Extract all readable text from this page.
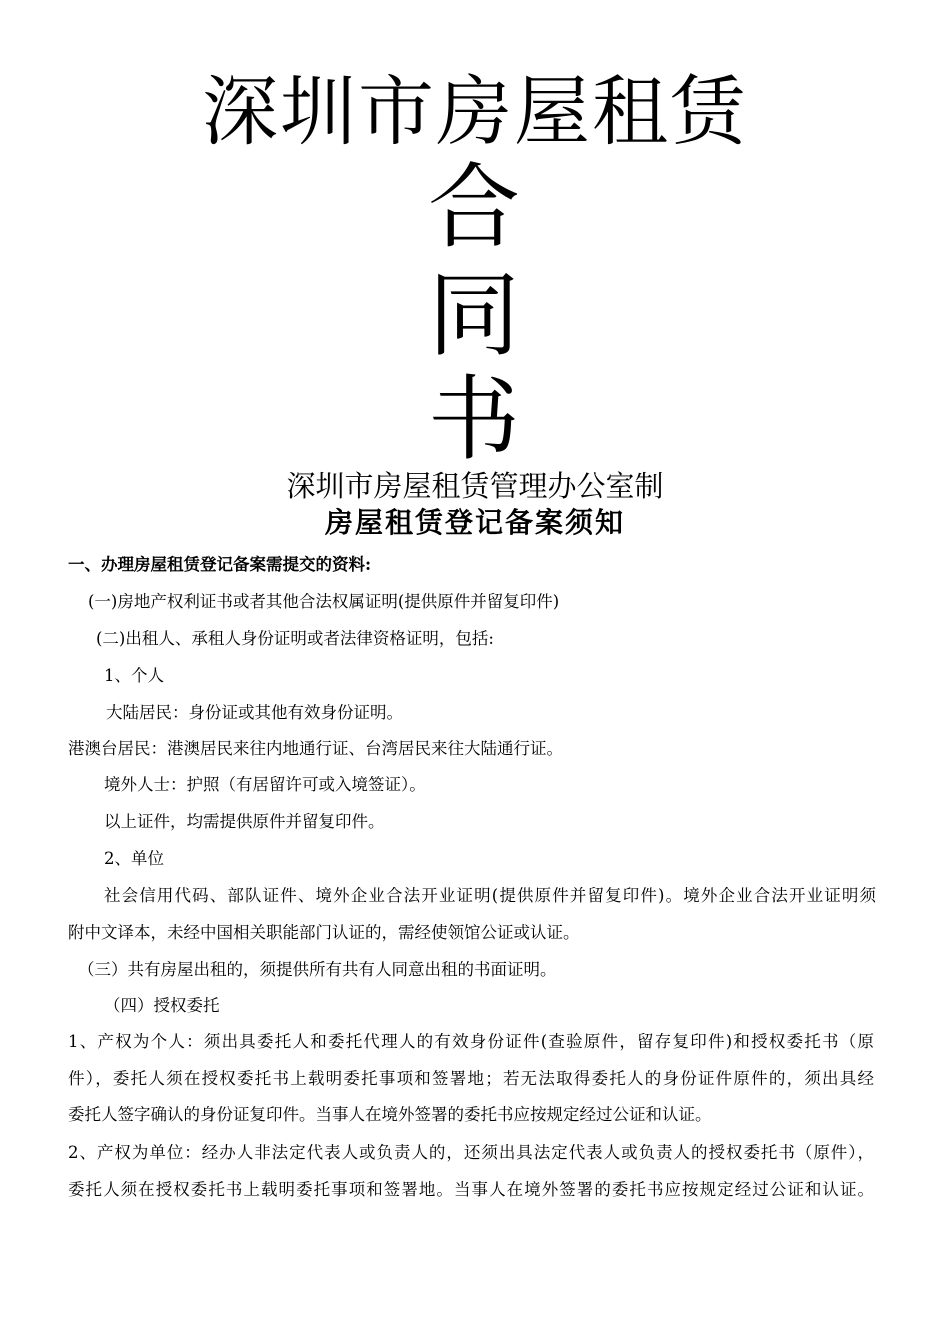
深圳市房屋租赁
合
同
书
深圳市房屋租赁管理办公室制
房屋租赁登记备案须知
一、办理房屋租赁登记备案需提交的资料:
(一)房地产权利证书或者其他合法权属证明(提供原件并留复印件)
(二)出租人、承租人身份证明或者法律资格证明，包括:
1、个人
大陆居民：身份证或其他有效身份证明。
港澳台居民：港澳居民来往内地通行证、台湾居民来往大陆通行证。
境外人士：护照（有居留许可或入境签证）。
以上证件，均需提供原件并留复印件。
2、单位
社会信用代码、部队证件、境外企业合法开业证明(提供原件并留复印件)。境外企业合法开业证明须
附中文译本，未经中国相关职能部门认证的，需经使领馆公证或认证。
（三）共有房屋出租的，须提供所有共有人同意出租的书面证明。
（四）授权委托
1、产权为个人：须出具委托人和委托代理人的有效身份证件(查验原件，留存复印件)和授权委托书（原
件），委托人须在授权委托书上载明委托事项和签署地；若无法取得委托人的身份证件原件的，须出具经
委托人签字确认的身份证复印件。当事人在境外签署的委托书应按规定经过公证和认证。
2、产权为单位：经办人非法定代表人或负责人的，还须出具法定代表人或负责人的授权委托书（原件），
委托人须在授权委托书上载明委托事项和签署地。当事人在境外签署的委托书应按规定经过公证和认证。
